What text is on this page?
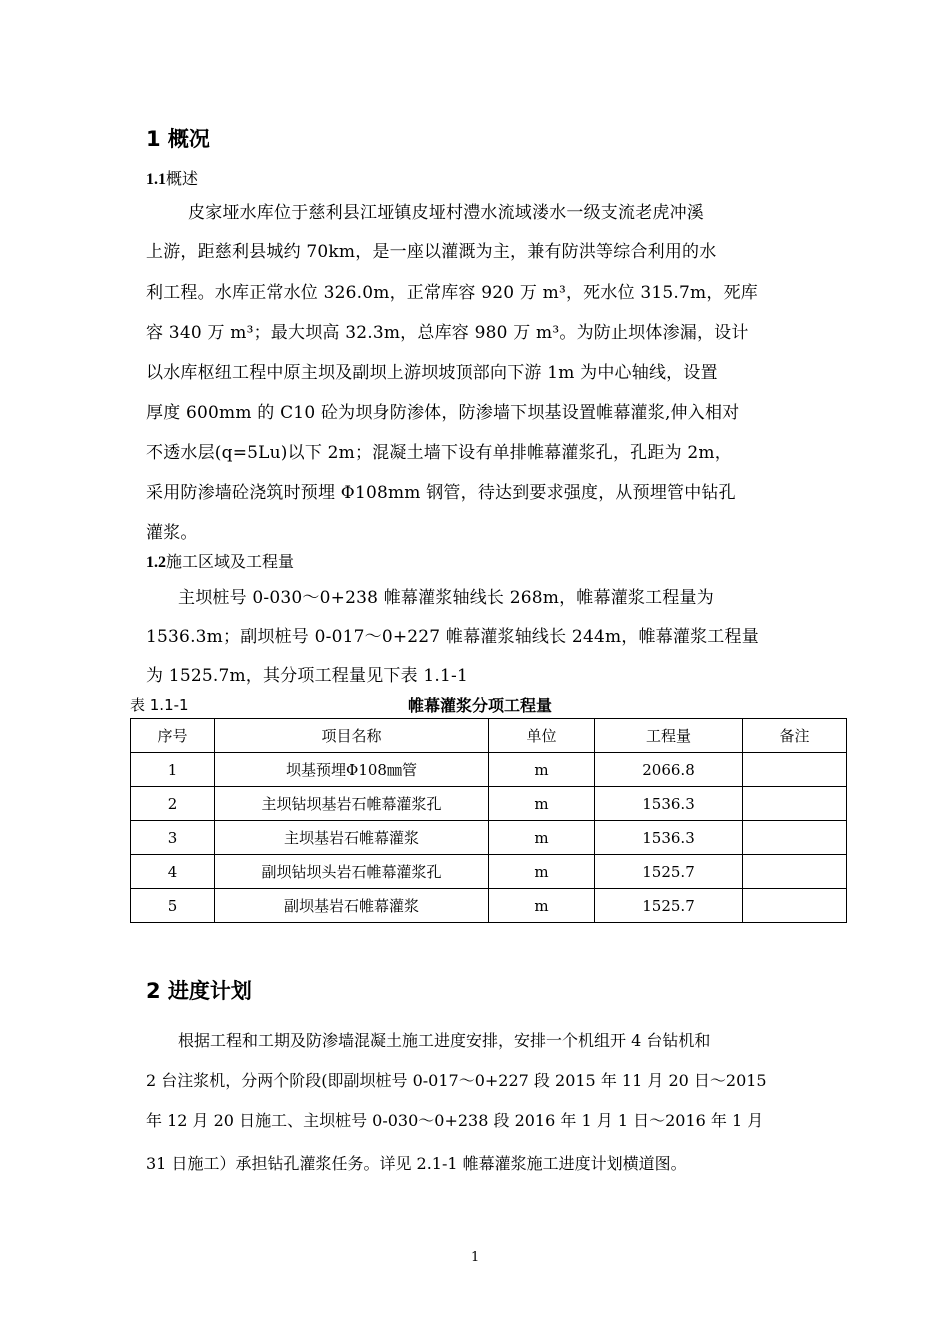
1 概况
1.1概述
皮家垭水库位于慈利县江垭镇皮垭村澧水流域溇水一级支流老虎冲溪
上游，距慈利县城约 70km，是一座以灌溉为主，兼有防洪等综合利用的水
利工程。水库正常水位 326.0m，正常库容 920 万 m³，死水位 315.7m，死库
容 340 万 m³；最大坝高 32.3m，总库容 980 万 m³。为防止坝体渗漏，设计
以水库枢纽工程中原主坝及副坝上游坝坡顶部向下游 1m 为中心轴线，设置
厚度 600mm 的 C10 砼为坝身防渗体，防渗墙下坝基设置帷幕灌浆,伸入相对
不透水层(q=5Lu)以下 2m；混凝土墙下设有单排帷幕灌浆孔，孔距为 2m，
采用防渗墙砼浇筑时预埋 Φ108mm 钢管，待达到要求强度，从预埋管中钻孔
灌浆。
1.2施工区域及工程量
主坝桩号 0-030～0+238 帷幕灌浆轴线长 268m，帷幕灌浆工程量为
1536.3m；副坝桩号 0-017～0+227 帷幕灌浆轴线长 244m，帷幕灌浆工程量
为 1525.7m，其分项工程量见下表 1.1-1
表 1.1-1	帷幕灌浆分项工程量
序号	项目名称	单位	工程量	备注
1	坝基预埋Φ108㎜管	m	2066.8	
2	主坝钻坝基岩石帷幕灌浆孔	m	1536.3	
3	主坝基岩石帷幕灌浆	m	1536.3	
4	副坝钻坝头岩石帷幕灌浆孔	m	1525.7	
5	副坝基岩石帷幕灌浆	m	1525.7	
2 进度计划
根据工程和工期及防渗墙混凝土施工进度安排，安排一个机组开 4 台钻机和
2 台注浆机，分两个阶段(即副坝桩号 0-017～0+227 段 2015 年 11 月 20 日～2015
年 12 月 20 日施工、主坝桩号 0-030～0+238 段 2016 年 1 月 1 日～2016 年 1 月
31 日施工）承担钻孔灌浆任务。详见 2.1-1 帷幕灌浆施工进度计划横道图。
1
